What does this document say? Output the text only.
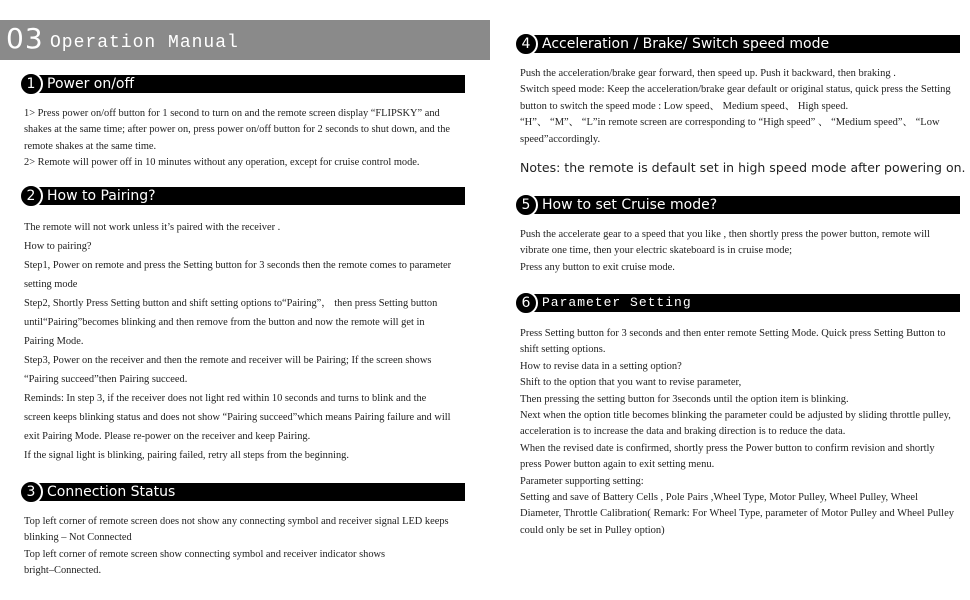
03 Operation Manual
1 Power on/off

1> Press power on/off button for 1 second to turn on and the remote screen display “FLIPSKY” and

shakes at the same time; after power on, press power on/off button for 2 seconds to shut down, and the

remote shakes at the same time.

2> Remote will power off in 10 minutes without any operation, except for cruise control mode.

2 How to Pairing?

The remote will not work unless it’s paired with the receiver .

How to pairing?

Step1, Power on remote and press the Setting button for 3 seconds then the remote comes to parameter

setting mode

Step2, Shortly Press Setting button and shift setting options to“Pairing”， then press Setting button

until“Pairing”becomes blinking and then remove from the button and now the remote will get in

Pairing Mode.

Step3, Power on the receiver and then the remote and receiver will be Pairing; If the screen shows

“Pairing succeed”then Pairing succeed.

Reminds: In step 3, if the receiver does not light red within 10 seconds and turns to blink and the

screen keeps blinking status and does not show “Pairing succeed”which means Pairing failure and will

exit Pairing Mode. Please re-power on the receiver and keep Pairing.

If the signal light is blinking, pairing failed, retry all steps from the beginning.

3 Connection Status

Top left corner of remote screen does not show any connecting symbol and receiver signal LED keeps

blinking – Not Connected

Top left corner of remote screen show connecting symbol and receiver indicator shows

bright–Connected.

4 Acceleration / Brake/ Switch speed mode

Push the acceleration/brake gear forward, then speed up. Push it backward, then braking .

Switch speed mode: Keep the acceleration/brake gear default or original status, quick press the Setting

button to switch the speed mode : Low speed、 Medium speed、 High speed.

“H”、 “M”、 “L”in remote screen are corresponding to “High speed” 、 “Medium speed”、 “Low

speed”accordingly.

Notes: the remote is default set in high speed mode after powering on.
5 How to set Cruise mode?

Push the accelerate gear to a speed that you like , then shortly press the power button, remote will

vibrate one time, then your electric skateboard is in cruise mode;

Press any button to exit cruise mode.

6 Parameter Setting

Press Setting button for 3 seconds and then enter remote Setting Mode. Quick press Setting Button to

shift setting options.

How to revise data in a setting option?

Shift to the option that you want to revise parameter,

Then pressing the setting button for 3seconds until the option item is blinking.

Next when the option title becomes blinking the parameter could be adjusted by sliding throttle pulley,

acceleration is to increase the data and braking direction is to reduce the data.

When the revised date is confirmed, shortly press the Power button to confirm revision and shortly

press Power button again to exit setting menu.

Parameter supporting setting:

Setting and save of Battery Cells , Pole Pairs ,Wheel Type, Motor Pulley, Wheel Pulley, Wheel

Diameter, Throttle Calibration( Remark: For Wheel Type, parameter of Motor Pulley and Wheel Pulley

could only be set in Pulley option)
